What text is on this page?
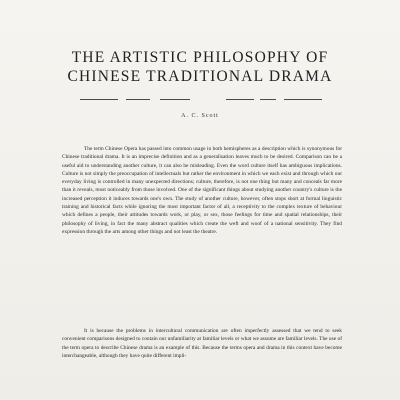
THE ARTISTIC PHILOSOPHY OF
CHINESE TRADITIONAL DRAMA
A. C. Scott

The term Chinese Opera has passed into common usage in both hemispheres as a description which is synonymous for Chinese traditional drama. It is an imprecise definition and as a generalisation leaves much to be desired. Comparison can be a useful aid to understanding another culture, it can also be misleading. Even the word culture itself has ambiguous implications. Culture is not simply the preoccupation of intellectuals but rather the environment in which we each exist and through which our everyday living is controlled in many unexpected directions; culture, therefore, is not one thing but many and conceals far more than it reveals, most noticeably from those involved. One of the significant things about studying another country's culture is the increased perception it induces towards one's own. The study of another culture, however, often stops short at formal linguistic training and historical facts while ignoring the most important factor of all, a receptivity to the complex texture of behaviour which defines a people, their attitudes towards work, or play, or sex, those feelings for time and spatial relationships, their philosophy of living, in fact the many abstract qualities which create the weft and woof of a national sensitivity. They find expression through the arts among other things and not least the theatre.

It is because the problems in intercultural communication are often imperfectly assessed that we tend to seek convenient comparisons designed to contain our unfamiliarity at familiar levels or what we assume are familiar levels. The use of the term opera to describe Chinese drama is an example of this. Because the terms opera and drama in this context have become interchangeable, although they have quite different impli-
